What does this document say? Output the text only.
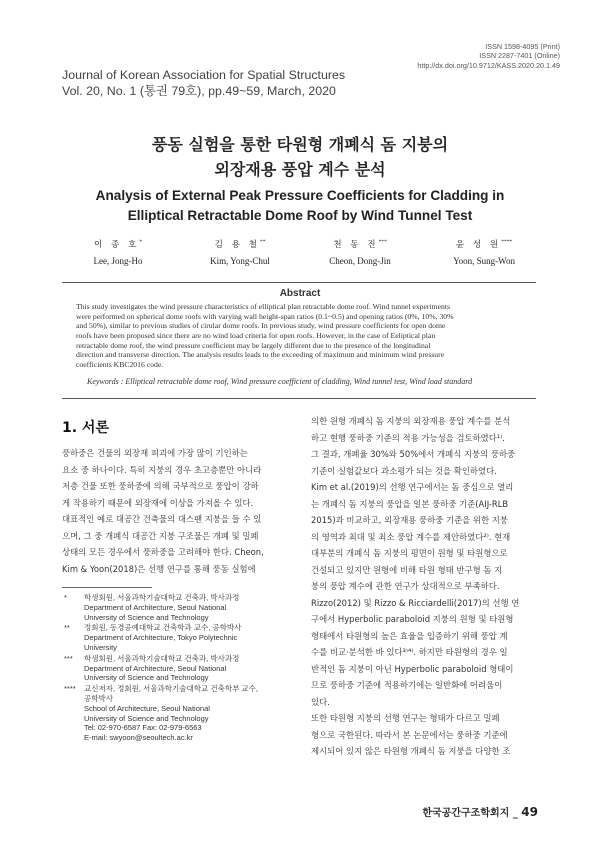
ISSN 1598-4095 (Print)
ISSN 2287-7401 (Online)
http://dx.doi.org/10.9712/KASS.2020.20.1.49
Journal of Korean Association for Spatial Structures
Vol. 20, No. 1 (통권 79호), pp.49~59, March, 2020
풍동 실험을 통한 타원형 개폐식 돔 지붕의
외장재용 풍압 계수 분석
Analysis of External Peak Pressure Coefficients for Cladding in
Elliptical Retractable Dome Roof by Wind Tunnel Test
이 종 호*
Lee, Jong-Ho
김 용 철**
Kim, Yong-Chul
천 동 진***
Cheon, Dong-Jin
윤 성 원****
Yoon, Sung-Won
Abstract
This study investigates the wind pressure characteristics of elliptical plan retractable dome roof. Wind tunnel experiments
were performed on spherical dome roofs with varying wall height-span ratios (0.1~0.5) and opening ratios (0%, 10%, 30%
and 50%), similar to previous studies of cirular dome roofs. In previous study, wind pressure coefficients for open dome
roofs have been proposed since there are no wind load criteria for open roofs. However, in the case of Eeliptical plan
retractable dome roof, the wind pressure coefficient may be largely different due to the presence of the longitudinal
direction and transverse direction. The analysis results leads to the exceeding of maximum and minimum wind pressure
coefficients KBC2016 code.
Keywords : Elliptical retractable dome roof, Wind pressure coefficient of cladding, Wind tunnel test, Wind load standard
1. 서론
풍하중은 건물의 외장재 피괴에 가장 많이 기인하는
요소 중 하나이다. 특히 지붕의 경우 초고층뿐만 아니라
저층 건물 또한 풍하중에 의해 국부적으로 풍압이 강하
게 작용하기 때문에 외장재에 이상을 가져올 수 있다.
대표적인 예로 대공간 건축물의 대스팬 지붕을 들 수 있
으며, 그 중 개폐식 대공간 지붕 구조물은 개폐 및 밀폐
상태의 모든 경우에서 풍하중을 고려해야 한다. Cheon,
Kim & Yoon(2018)은 선행 연구를 통해 풍동 실험에
* 학생회원, 서울과학기술대학교 건축과, 박사과정
Department of Architecture, Seoul National
University of Science and Technology
** 정회원, 동경공예대학교 건축학과 교수, 공학박사
Department of Architecture, Tokyo Polytechnic
University
*** 학생회원, 서울과학기술대학교 건축과, 박사과정
Department of Architecture, Seoul National
University of Science and Technology
**** 교신저자, 정회원, 서울과학기술대학교 건축학부 교수,
공학박사
School of Architecture, Seoul National
University of Science and Technology
Tel: 02-970-6587 Fax: 02-979-6563
E-mail: swyoon@seoultech.ac.kr
의한 원형 개폐식 돔 지붕의 외장재용 풍압 계수를 분석
하고 현행 풍하중 기준의 적용 가능성을 검토하였다¹⁾.
그 결과, 개폐율 30%와 50%에서 개폐식 지붕의 풍하중
기준이 실험값보다 과소평가 되는 것을 확인하였다.
Kim et al.(2019)의 선행 연구에서는 돔 중심으로 열리
는 개폐식 돔 지붕의 풍압을 일본 풍하중 기준(AIJ-RLB
2015)과 비교하고, 외장재용 풍하중 기준을 위한 지붕
의 영역과 최대 및 최소 풍압 계수를 제안하였다²⁾. 현재
대부분의 개폐식 돔 지붕의 평면이 원형 및 타원형으로
건설되고 있지만 원형에 비해 타원 형태 반구형 돔 지
붕의 풍압 계수에 관한 연구가 상대적으로 부족하다.
Rizzo(2012) 및 Rizzo & Ricciardelli(2017)의 선행 연
구에서 Hyperbolic paraboloid 지붕의 원형 및 타원형
형태에서 타원형의 높은 효율을 입증하기 위해 풍압 계
수를 비교·분석한 바 있다³⁾⁴⁾. 하지만 타원형의 경우 일
반적인 돔 지붕이 아닌 Hyperbolic paraboloid 형태이
므로 풍하중 기준에 적용하기에는 일반화에 어려움이
있다.
또한 타원형 지붕의 선행 연구는 형태가 다르고 밀폐
형으로 국한된다. 따라서 본 논문에서는 풍하중 기준에
제시되어 있지 않은 타원형 개폐식 돔 지붕을 다양한 조
한국공간구조학회지 _ 49
